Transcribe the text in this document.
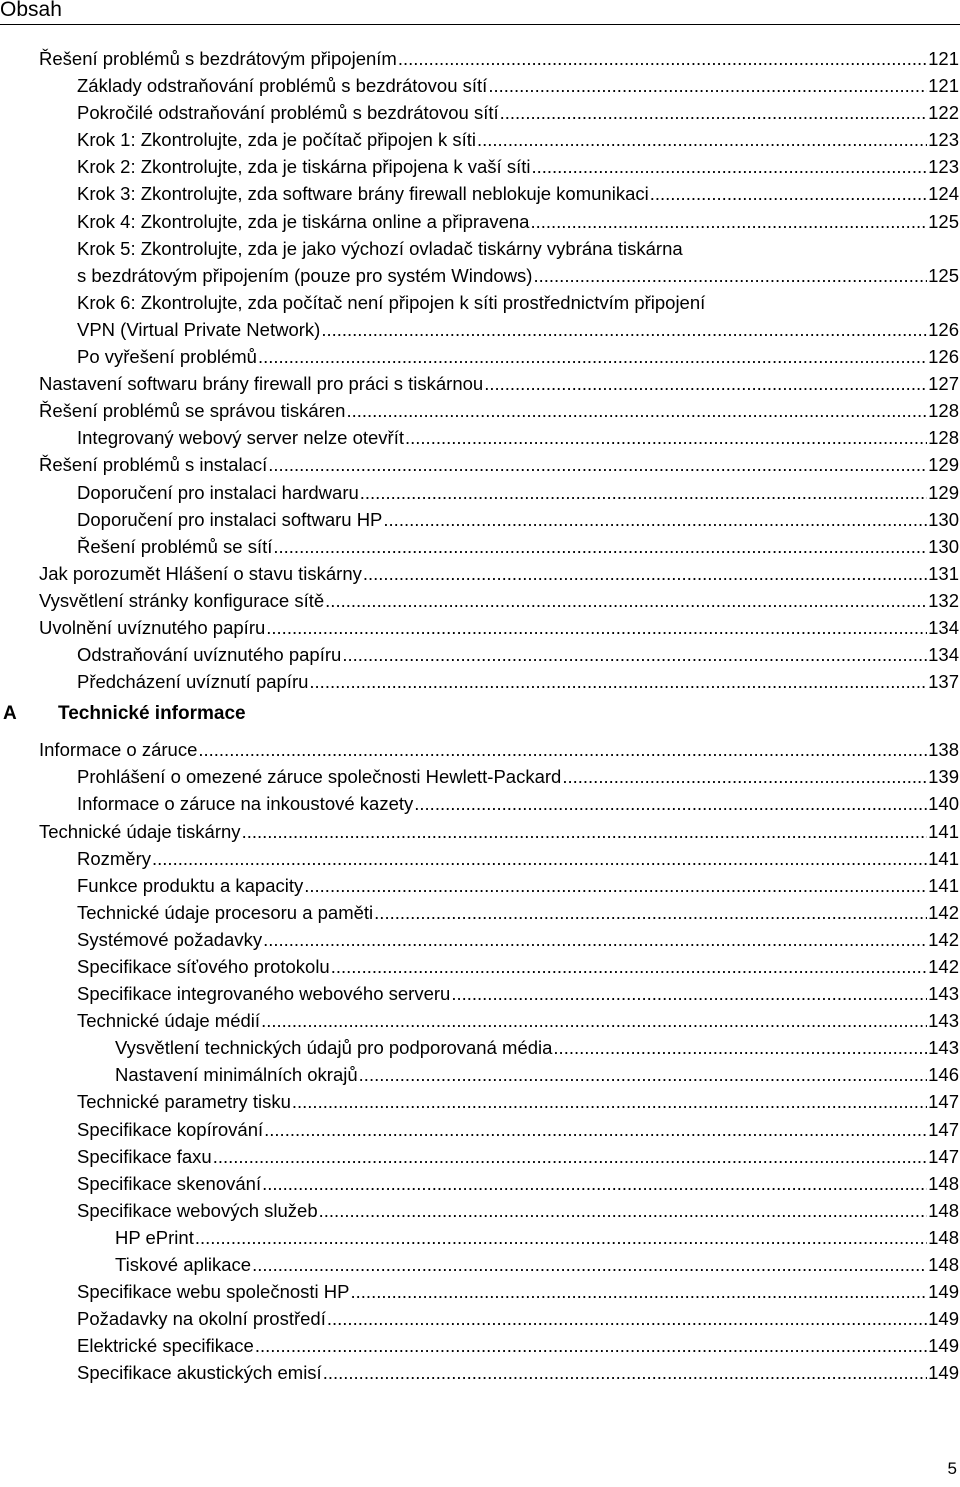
Obsah
Řešení problémů s bezdrátovým připojením .....	121
Základy odstraňování problémů s bezdrátovou sítí .....	121
Pokročilé odstraňování problémů s bezdrátovou sítí .....	122
Krok 1: Zkontrolujte, zda je počítač připojen k síti .....	123
Krok 2: Zkontrolujte, zda je tiskárna připojena k vaší síti .....	123
Krok 3: Zkontrolujte, zda software brány firewall neblokuje komunikaci .....	124
Krok 4: Zkontrolujte, zda je tiskárna online a připravena .....	125
Krok 5: Zkontrolujte, zda je jako výchozí ovladač tiskárny vybrána tiskárna
s bezdrátovým připojením (pouze pro systém Windows) .....	125
Krok 6: Zkontrolujte, zda počítač není připojen k síti prostřednictvím připojení
VPN (Virtual Private Network) .....	126
Po vyřešení problémů .....	126
Nastavení softwaru brány firewall pro práci s tiskárnou .....	127
Řešení problémů se správou tiskáren .....	128
Integrovaný webový server nelze otevřít .....	128
Řešení problémů s instalací .....	129
Doporučení pro instalaci hardwaru .....	129
Doporučení pro instalaci softwaru HP .....	130
Řešení problémů se sítí .....	130
Jak porozumět Hlášení o stavu tiskárny .....	131
Vysvětlení stránky konfigurace sítě .....	132
Uvolnění uvíznutého papíru .....	134
Odstraňování uvíznutého papíru .....	134
Předcházení uvíznutí papíru .....	137
A Technické informace
Informace o záruce .....	138
Prohlášení o omezené záruce společnosti Hewlett-Packard .....	139
Informace o záruce na inkoustové kazety .....	140
Technické údaje tiskárny .....	141
Rozměry .....	141
Funkce produktu a kapacity .....	141
Technické údaje procesoru a paměti .....	142
Systémové požadavky .....	142
Specifikace síťového protokolu .....	142
Specifikace integrovaného webového serveru .....	143
Technické údaje médií .....	143
Vysvětlení technických údajů pro podporovaná média .....	143
Nastavení minimálních okrajů .....	146
Technické parametry tisku .....	147
Specifikace kopírování .....	147
Specifikace faxu .....	147
Specifikace skenování .....	148
Specifikace webových služeb .....	148
HP ePrint .....	148
Tiskové aplikace .....	148
Specifikace webu společnosti HP .....	149
Požadavky na okolní prostředí .....	149
Elektrické specifikace .....	149
Specifikace akustických emisí .....	149
5
